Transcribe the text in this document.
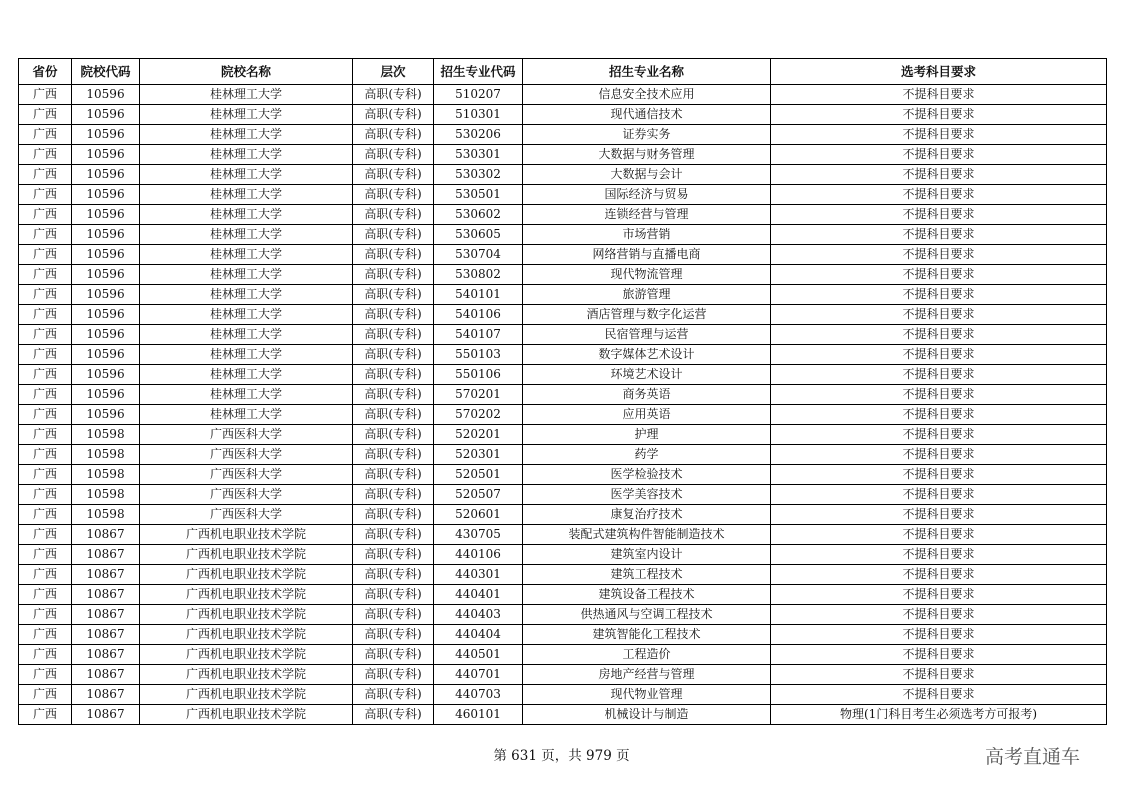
省份	院校代码	院校名称	层次	招生专业代码	招生专业名称	选考科目要求
广西	10596	桂林理工大学	高职(专科)	510207	信息安全技术应用	不提科目要求
广西	10596	桂林理工大学	高职(专科)	510301	现代通信技术	不提科目要求
广西	10596	桂林理工大学	高职(专科)	530206	证券实务	不提科目要求
广西	10596	桂林理工大学	高职(专科)	530301	大数据与财务管理	不提科目要求
广西	10596	桂林理工大学	高职(专科)	530302	大数据与会计	不提科目要求
广西	10596	桂林理工大学	高职(专科)	530501	国际经济与贸易	不提科目要求
广西	10596	桂林理工大学	高职(专科)	530602	连锁经营与管理	不提科目要求
广西	10596	桂林理工大学	高职(专科)	530605	市场营销	不提科目要求
广西	10596	桂林理工大学	高职(专科)	530704	网络营销与直播电商	不提科目要求
广西	10596	桂林理工大学	高职(专科)	530802	现代物流管理	不提科目要求
广西	10596	桂林理工大学	高职(专科)	540101	旅游管理	不提科目要求
广西	10596	桂林理工大学	高职(专科)	540106	酒店管理与数字化运营	不提科目要求
广西	10596	桂林理工大学	高职(专科)	540107	民宿管理与运营	不提科目要求
广西	10596	桂林理工大学	高职(专科)	550103	数字媒体艺术设计	不提科目要求
广西	10596	桂林理工大学	高职(专科)	550106	环境艺术设计	不提科目要求
广西	10596	桂林理工大学	高职(专科)	570201	商务英语	不提科目要求
广西	10596	桂林理工大学	高职(专科)	570202	应用英语	不提科目要求
广西	10598	广西医科大学	高职(专科)	520201	护理	不提科目要求
广西	10598	广西医科大学	高职(专科)	520301	药学	不提科目要求
广西	10598	广西医科大学	高职(专科)	520501	医学检验技术	不提科目要求
广西	10598	广西医科大学	高职(专科)	520507	医学美容技术	不提科目要求
广西	10598	广西医科大学	高职(专科)	520601	康复治疗技术	不提科目要求
广西	10867	广西机电职业技术学院	高职(专科)	430705	装配式建筑构件智能制造技术	不提科目要求
广西	10867	广西机电职业技术学院	高职(专科)	440106	建筑室内设计	不提科目要求
广西	10867	广西机电职业技术学院	高职(专科)	440301	建筑工程技术	不提科目要求
广西	10867	广西机电职业技术学院	高职(专科)	440401	建筑设备工程技术	不提科目要求
广西	10867	广西机电职业技术学院	高职(专科)	440403	供热通风与空调工程技术	不提科目要求
广西	10867	广西机电职业技术学院	高职(专科)	440404	建筑智能化工程技术	不提科目要求
广西	10867	广西机电职业技术学院	高职(专科)	440501	工程造价	不提科目要求
广西	10867	广西机电职业技术学院	高职(专科)	440701	房地产经营与管理	不提科目要求
广西	10867	广西机电职业技术学院	高职(专科)	440703	现代物业管理	不提科目要求
广西	10867	广西机电职业技术学院	高职(专科)	460101	机械设计与制造	物理(1门科目考生必须选考方可报考)
第 631 页，共 979 页	高考直通车
